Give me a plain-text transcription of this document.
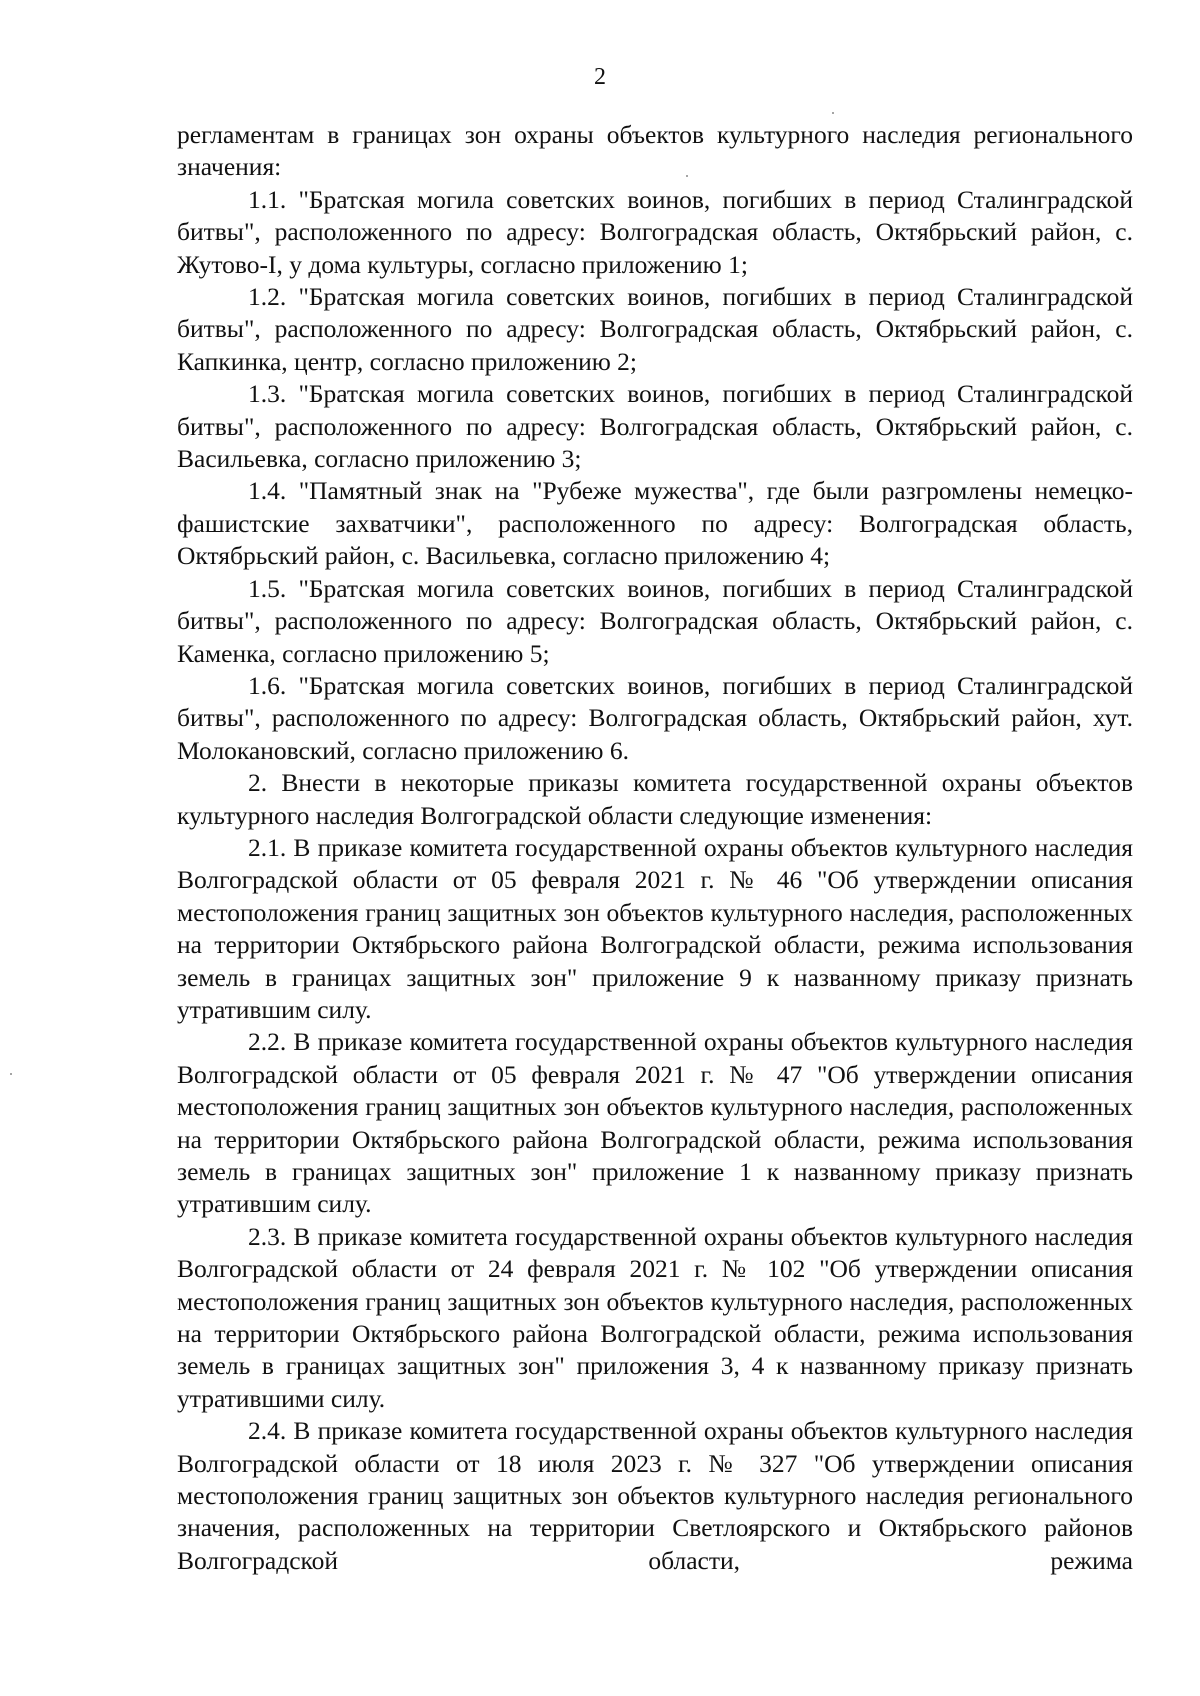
2

регламентам в границах зон охраны объектов культурного наследия регионального значения:

1.1. "Братская могила советских воинов, погибших в период Сталинградской битвы", расположенного по адресу: Волгоградская область, Октябрьский район, с. Жутово-I, у дома культуры, согласно приложению 1;

1.2. "Братская могила советских воинов, погибших в период Сталинградской битвы", расположенного по адресу: Волгоградская область, Октябрьский район, с. Капкинка, центр, согласно приложению 2;

1.3. "Братская могила советских воинов, погибших в период Сталинградской битвы", расположенного по адресу: Волгоградская область, Октябрьский район, с. Васильевка, согласно приложению 3;

1.4. "Памятный знак на "Рубеже мужества", где были разгромлены немецко-фашистские захватчики", расположенного по адресу: Волгоградская область, Октябрьский район, с. Васильевка, согласно приложению 4;

1.5. "Братская могила советских воинов, погибших в период Сталинградской битвы", расположенного по адресу: Волгоградская область, Октябрьский район, с. Каменка, согласно приложению 5;

1.6. "Братская могила советских воинов, погибших в период Сталинградской битвы", расположенного по адресу: Волгоградская область, Октябрьский район, хут. Молокановский, согласно приложению 6.

2. Внести в некоторые приказы комитета государственной охраны объектов культурного наследия Волгоградской области следующие изменения:

2.1. В приказе комитета государственной охраны объектов культурного наследия Волгоградской области от 05 февраля 2021 г. № 46 "Об утверждении описания местоположения границ защитных зон объектов культурного наследия, расположенных на территории Октябрьского района Волгоградской области, режима использования земель в границах защитных зон" приложение 9 к названному приказу признать утратившим силу.

2.2. В приказе комитета государственной охраны объектов культурного наследия Волгоградской области от 05 февраля 2021 г. № 47 "Об утверждении описания местоположения границ защитных зон объектов культурного наследия, расположенных на территории Октябрьского района Волгоградской области, режима использования земель в границах защитных зон" приложение 1 к названному приказу признать утратившим силу.

2.3. В приказе комитета государственной охраны объектов культурного наследия Волгоградской области от 24 февраля 2021 г. № 102 "Об утверждении описания местоположения границ защитных зон объектов культурного наследия, расположенных на территории Октябрьского района Волгоградской области, режима использования земель в границах защитных зон" приложения 3, 4 к названному приказу признать утратившими силу.

2.4. В приказе комитета государственной охраны объектов культурного наследия Волгоградской области от 18 июля 2023 г. № 327 "Об утверждении описания местоположения границ защитных зон объектов культурного наследия регионального значения, расположенных на территории Светлоярского и Октябрьского районов Волгоградской области, режима
